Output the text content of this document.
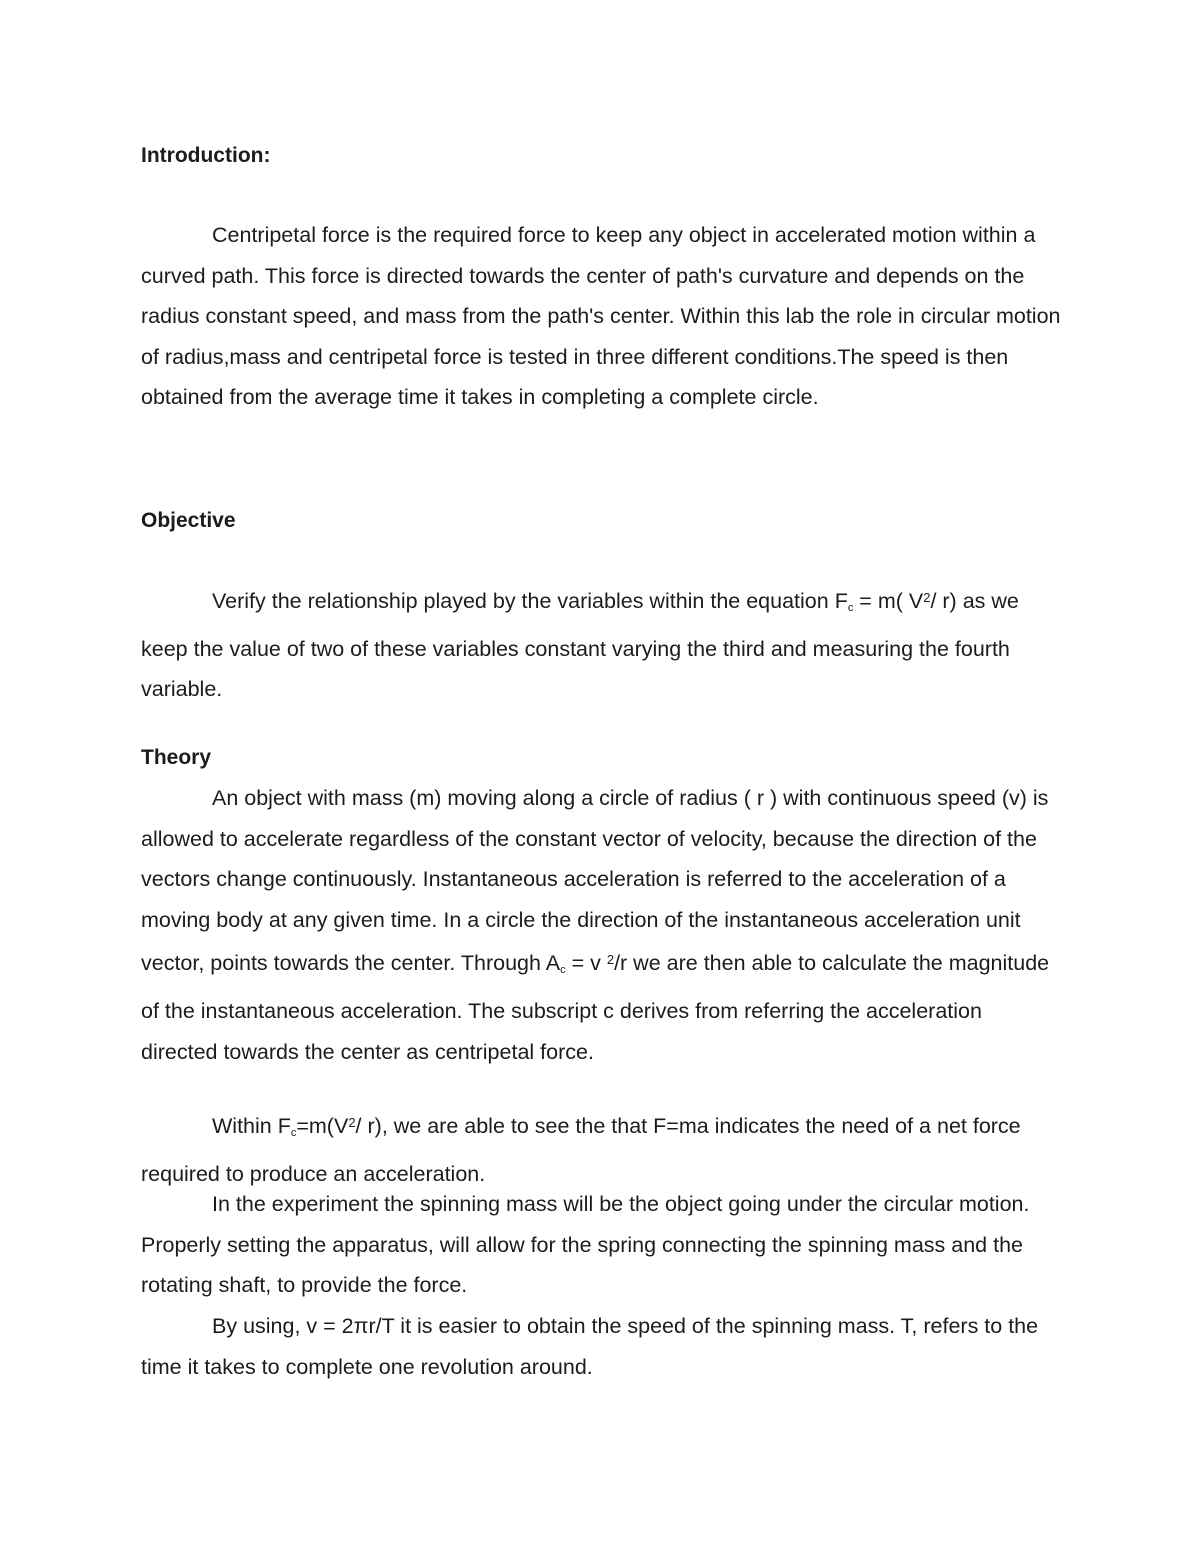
Introduction:

Centripetal force is the required force to keep any object in accelerated motion within a curved path. This force is directed towards the center of path's curvature and depends on the radius constant speed, and mass from the path's center. Within this lab the role in circular motion of radius,mass and centripetal force is tested in three different conditions.The speed is then obtained from the average time it takes in completing a complete circle.

Objective

Verify the relationship played by the variables within the equation $F_c = m$( $V^2/$ r) as we keep the value of two of these variables constant varying the third and measuring the fourth variable.

Theory

An object with mass (m) moving along a circle of radius ( r ) with continuous speed (v) is allowed to accelerate regardless of the constant vector of velocity, because the direction of the vectors change continuously. Instantaneous acceleration is referred to the acceleration of a moving body at any given time. In a circle the direction of the instantaneous acceleration unit vector, points towards the center. Through $A_c = v$ $^2$/r we are then able to calculate the magnitude of the instantaneous acceleration. The subscript c derives from referring the acceleration directed towards the center as centripetal force.

Within $F_c=m(V^2/$ r), we are able to see the that F=ma indicates the need of a net force required to produce an acceleration.

In the experiment the spinning mass will be the object going under the circular motion. Properly setting the apparatus, will allow for the spring connecting the spinning mass and the rotating shaft, to provide the force.

By using, v = 2πr/T it is easier to obtain the speed of the spinning mass. T, refers to the time it takes to complete one revolution around.
